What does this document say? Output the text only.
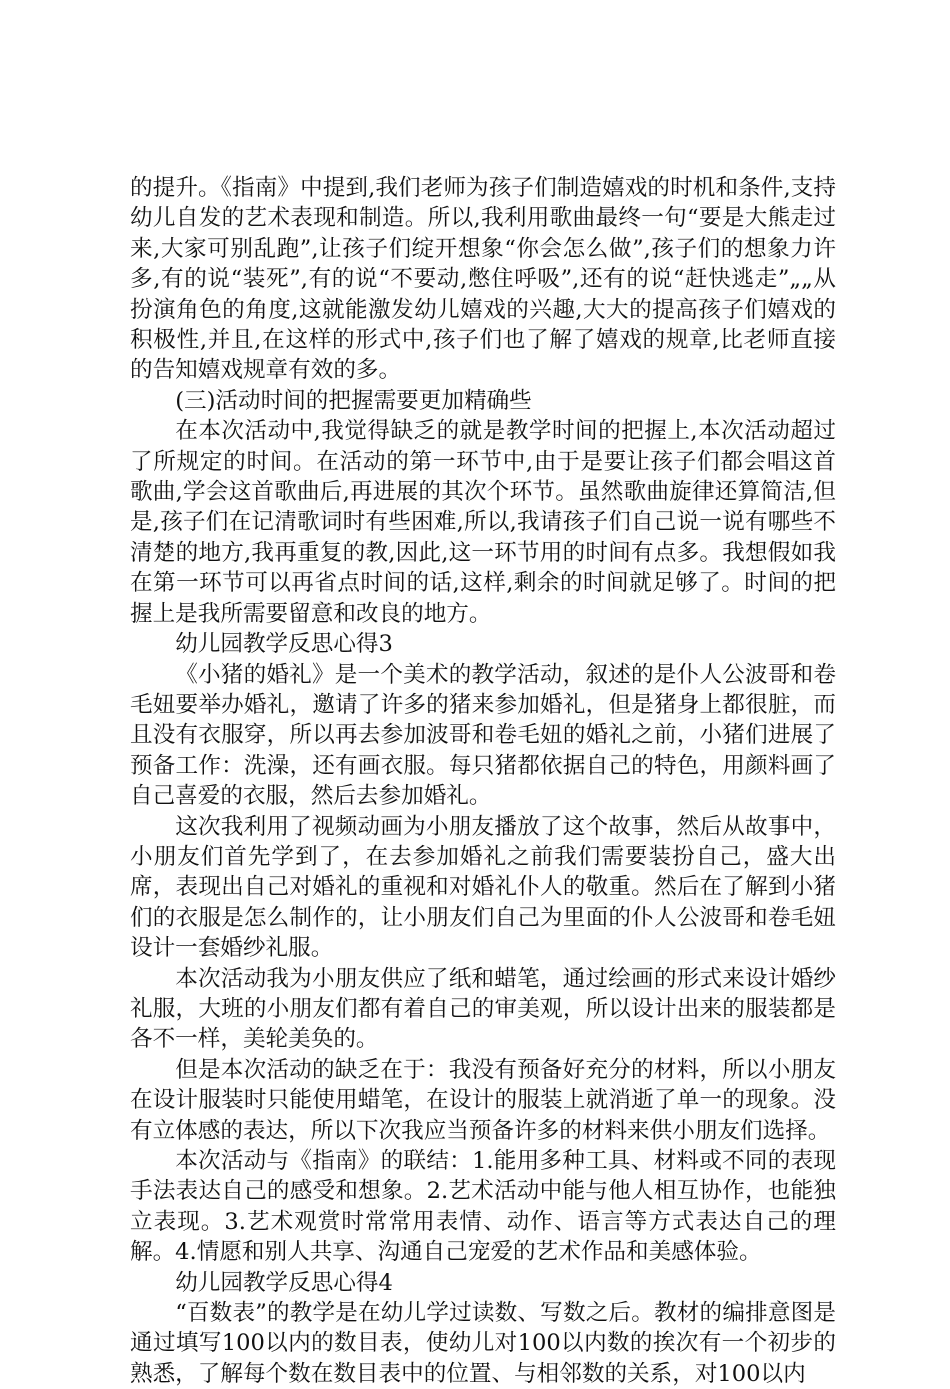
的提升。《指南》中提到,我们老师为孩子们制造嬉戏的时机和条件,支持幼儿自发的艺术表现和制造。所以,我利用歌曲最终一句“要是大熊走过来,大家可别乱跑”,让孩子们绽开想象“你会怎么做”,孩子们的想象力许多,有的说“装死”,有的说“不要动,憋住呼吸”,还有的说“赶快逃走”„„从扮演角色的角度,这就能激发幼儿嬉戏的兴趣,大大的提高孩子们嬉戏的积极性,并且,在这样的形式中,孩子们也了解了嬉戏的规章,比老师直接的告知嬉戏规章有效的多。

(三)活动时间的把握需要更加精确些

在本次活动中,我觉得缺乏的就是教学时间的把握上,本次活动超过了所规定的时间。在活动的第一环节中,由于是要让孩子们都会唱这首歌曲,学会这首歌曲后,再进展的其次个环节。虽然歌曲旋律还算简洁,但是,孩子们在记清歌词时有些困难,所以,我请孩子们自己说一说有哪些不清楚的地方,我再重复的教,因此,这一环节用的时间有点多。我想假如我在第一环节可以再省点时间的话,这样,剩余的时间就足够了。时间的把握上是我所需要留意和改良的地方。

幼儿园教学反思心得3

《小猪的婚礼》是一个美术的教学活动，叙述的是仆人公波哥和卷毛妞要举办婚礼，邀请了许多的猪来参加婚礼，但是猪身上都很脏，而且没有衣服穿，所以再去参加波哥和卷毛妞的婚礼之前，小猪们进展了预备工作：洗澡，还有画衣服。每只猪都依据自己的特色，用颜料画了自己喜爱的衣服，然后去参加婚礼。

这次我利用了视频动画为小朋友播放了这个故事，然后从故事中，小朋友们首先学到了，在去参加婚礼之前我们需要装扮自己，盛大出席，表现出自己对婚礼的重视和对婚礼仆人的敬重。然后在了解到小猪们的衣服是怎么制作的，让小朋友们自己为里面的仆人公波哥和卷毛妞设计一套婚纱礼服。

本次活动我为小朋友供应了纸和蜡笔，通过绘画的形式来设计婚纱礼服，大班的小朋友们都有着自己的审美观，所以设计出来的服装都是各不一样，美轮美奂的。

但是本次活动的缺乏在于：我没有预备好充分的材料，所以小朋友在设计服装时只能使用蜡笔，在设计的服装上就消逝了单一的现象。没有立体感的表达，所以下次我应当预备许多的材料来供小朋友们选择。

本次活动与《指南》的联结：1.能用多种工具、材料或不同的表现手法表达自己的感受和想象。2.艺术活动中能与他人相互协作，也能独立表现。3.艺术观赏时常常用表情、动作、语言等方式表达自己的理解。4.情愿和别人共享、沟通自己宠爱的艺术作品和美感体验。

幼儿园教学反思心得4

“百数表”的教学是在幼儿学过读数、写数之后。教材的编排意图是通过填写100以内的数目表，使幼儿对100以内数的挨次有一个初步的熟悉，了解每个数在数目表中的位置、与相邻数的关系，对100以内
